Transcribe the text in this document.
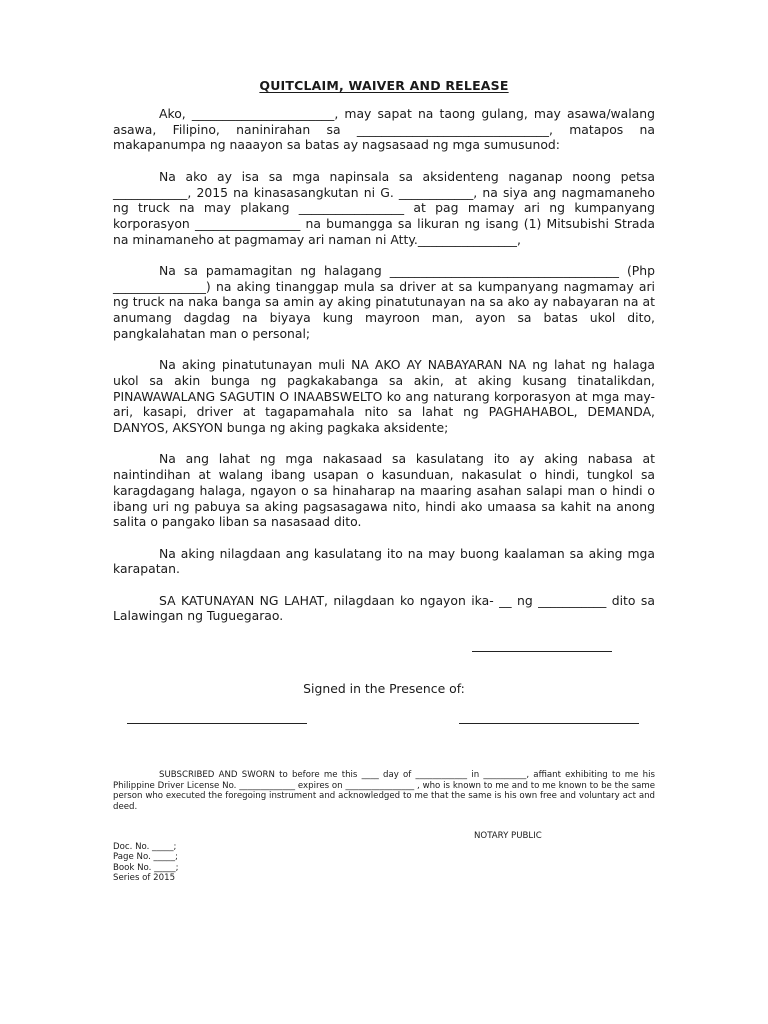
QUITCLAIM, WAIVER AND RELEASE

Ako, _______________________, may sapat na taong gulang, may asawa/walang asawa, Filipino, naninirahan sa _______________________________, matapos na makapanumpa ng naaayon sa batas ay nagsasaad ng mga sumusunod:

Na ako ay isa sa mga napinsala sa aksidenteng naganap noong petsa ____________, 2015 na kinasasangkutan ni G. ____________, na siya ang nagmamaneho ng truck na may plakang _________________ at pag mamay ari ng kumpanyang korporasyon _________________ na bumangga sa likuran ng isang (1) Mitsubishi Strada na minamaneho at pagmamay ari naman ni Atty.________________,

Na sa pamamagitan ng halagang _____________________________________ (Php _______________) na aking tinanggap mula sa driver at sa kumpanyang nagmamay ari ng truck na naka banga sa amin ay aking pinatutunayan na sa ako ay nabayaran na at anumang dagdag na biyaya kung mayroon man, ayon sa batas ukol dito, pangkalahatan man o personal;

Na aking pinatutunayan muli NA AKO AY NABAYARAN NA ng lahat ng halaga ukol sa akin bunga ng pagkakabanga sa akin, at aking kusang tinatalikdan, PINAWAWALANG SAGUTIN O INAABSWELTO ko ang naturang korporasyon at mga may-ari, kasapi, driver at tagapamahala nito sa lahat ng PAGHAHABOL, DEMANDA, DANYOS, AKSYON bunga ng aking pagkaka aksidente;

Na ang lahat ng mga nakasaad sa kasulatang ito ay aking nabasa at naintindihan at walang ibang usapan o kasunduan, nakasulat o hindi, tungkol sa karagdagang halaga, ngayon o sa hinaharap na maaring asahan salapi man o hindi o ibang uri ng pabuya sa aking pagsasagawa nito, hindi ako umaasa sa kahit na anong salita o pangako liban sa nasasaad dito.

Na aking nilagdaan ang kasulatang ito na may buong kaalaman sa aking mga karapatan.

SA KATUNAYAN NG LAHAT, nilagdaan ko ngayon ika- __ ng ___________ dito sa Lalawingan ng Tuguegarao.

Signed in the Presence of:

SUBSCRIBED AND SWORN to before me this ____ day of ____________ in __________, affiant exhibiting to me his Philippine Driver License No. _____________ expires on ________________ , who is known to me and to me known to be the same person who executed the foregoing instrument and acknowledged to me that the same is his own free and voluntary act and deed.

NOTARY PUBLIC
Doc. No. _____;
Page No. _____;
Book No. _____;
Series of 2015
